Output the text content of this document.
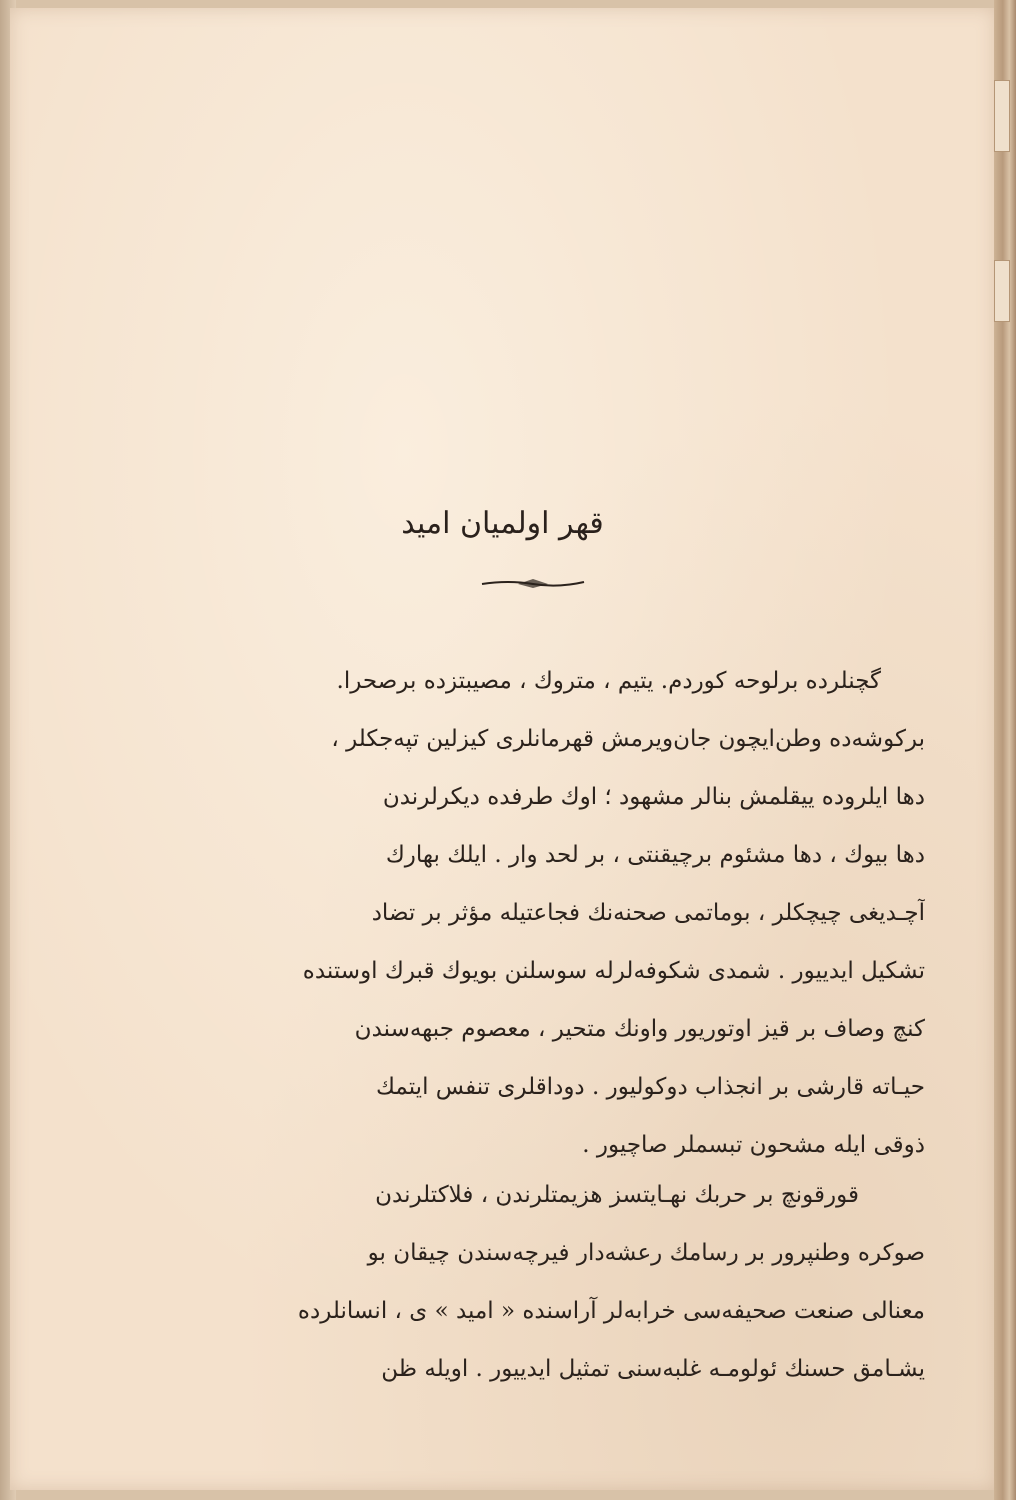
قهر اولمیان امید
گچنلرده برلوحه کوردم. یتیم ، متروك ، مصیبتزده برصحرا.
برکوشه‌ده وطن‌ایچون جان‌ویرمش قهرمانلری کیزلین تپه‌جکلر ،
دها ایلروده ییقلمش بنالر مشهود ؛ اوك طرفده دیکرلرندن
دها بیوك ، دها مشئوم برچیقنتی ، بر لحد وار . ایلك بهارك
آچـدیغی چیچکلر ، بوماتمی صحنه‌نك فجاعتیله مؤثر بر تضاد
تشکیل ایدییور . شمدی شکوفه‌لرله سوسلنن بویوك قبرك اوستنده
کنچ وصاف بر قیز اوتوریور واونك متحیر ، معصوم جبهه‌سندن
حیـاته قارشی بر انجذاب دوکولیور . دوداقلری تنفس ایتمك
ذوقی ایله مشحون تبسملر صاچیور .
قورقونچ بر حربك نهـایتسز هزیمتلرندن ، فلاکتلرندن
صوکره وطنپرور بر رسامك رعشه‌دار فیرچه‌سندن چیقان بو
معنالی صنعت صحیفه‌سی خرابه‌لر آراسنده « امید » ی ، انسانلرده
یشـامق حسنك ئولومـه غلبه‌سنی تمثیل ایدییور . اویله ظن
